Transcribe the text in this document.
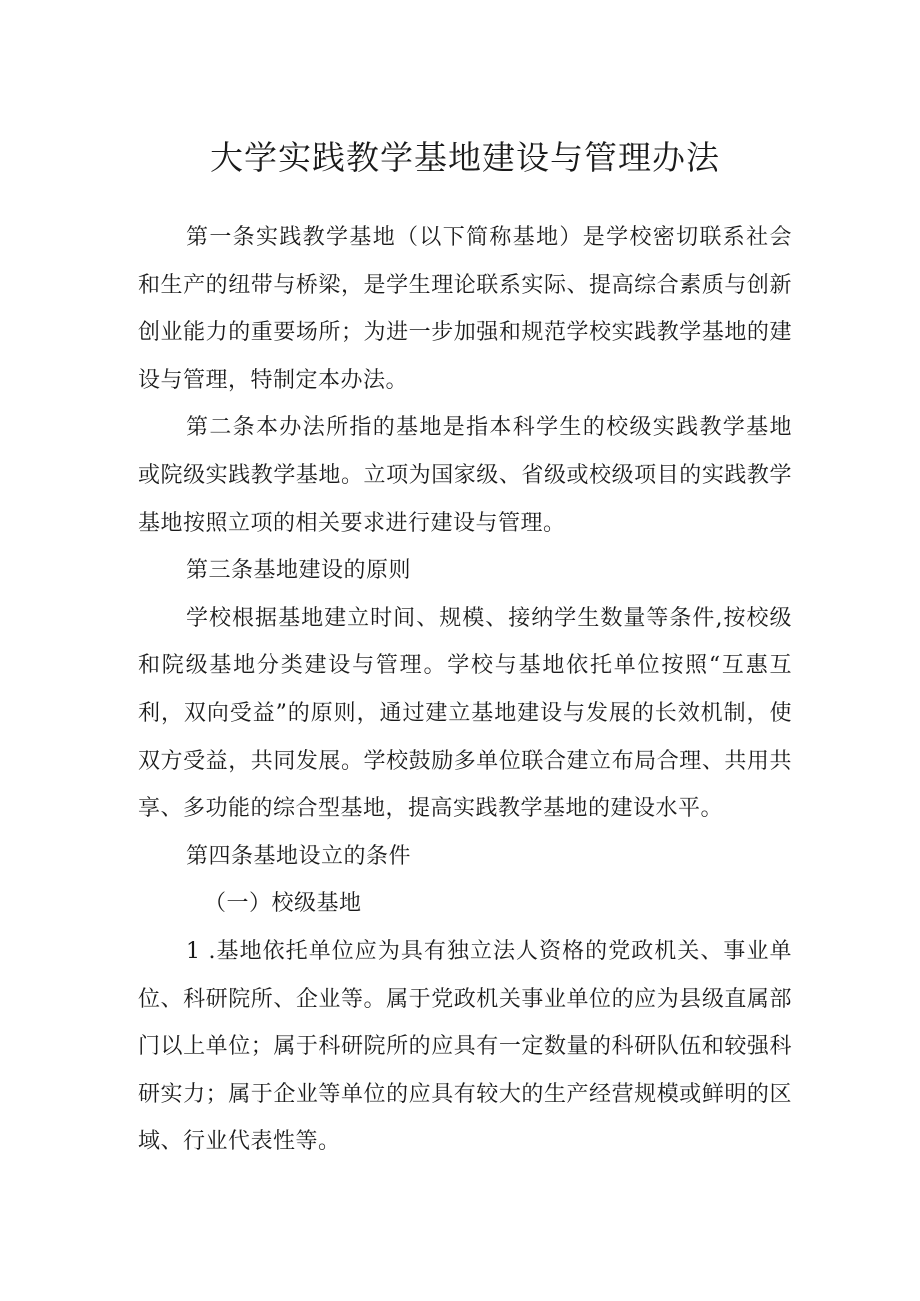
大学实践教学基地建设与管理办法

第一条实践教学基地（以下简称基地）是学校密切联系社会和生产的纽带与桥梁，是学生理论联系实际、提高综合素质与创新创业能力的重要场所；为进一步加强和规范学校实践教学基地的建设与管理，特制定本办法。

第二条本办法所指的基地是指本科学生的校级实践教学基地或院级实践教学基地。立项为国家级、省级或校级项目的实践教学基地按照立项的相关要求进行建设与管理。

第三条基地建设的原则

学校根据基地建立时间、规模、接纳学生数量等条件,按校级和院级基地分类建设与管理。学校与基地依托单位按照“互惠互利，双向受益”的原则，通过建立基地建设与发展的长效机制，使双方受益，共同发展。学校鼓励多单位联合建立布局合理、共用共享、多功能的综合型基地，提高实践教学基地的建设水平。

第四条基地设立的条件

（一）校级基地

1 .基地依托单位应为具有独立法人资格的党政机关、事业单位、科研院所、企业等。属于党政机关事业单位的应为县级直属部门以上单位；属于科研院所的应具有一定数量的科研队伍和较强科研实力；属于企业等单位的应具有较大的生产经营规模或鲜明的区域、行业代表性等。
